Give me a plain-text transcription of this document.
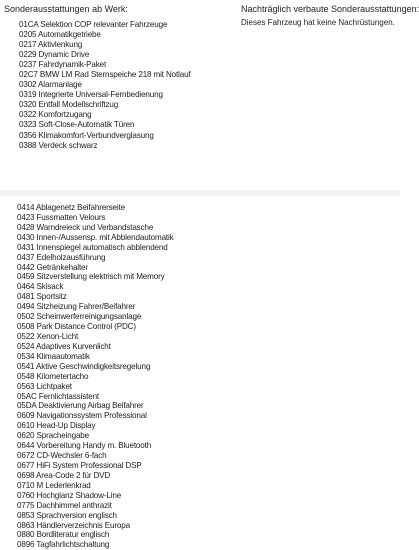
Sonderausstattungen ab Werk:	Nachträglich verbaute Sonderausstattungen:
Dieses Fahrzeug hat keine Nachrüstungen.
01CA Selektion COP relevanter Fahrzeuge
0205 Automatikgetriebe
0217 Aktivlenkung
0229 Dynamic Drive
0237 Fahrdynamik-Paket
02C7 BMW LM Rad Sternspeiche 218 mit Notlauf
0302 Alarmanlage
0319 Integrierte Universal-Fernbedienung
0320 Entfall Modellschriftzug
0322 Komfortzugang
0323 Soft-Close-Automatik Türen
0356 Klimakomfort-Verbundverglasung
0388 Verdeck schwarz
0414 Ablagenetz Beifahrerseite
0423 Fussmatten Velours
0428 Warndreieck und Verbandstasche
0430 Innen-/Aussensp. mit Abblendautomatik
0431 Innenspiegel automatisch abblendend
0437 Edelholzausführung
0442 Getränkehalter
0459 Sitzverstellung elektrisch mit Memory
0464 Skisack
0481 Sportsitz
0494 Sitzheizung Fahrer/Beifahrer
0502 Scheinwerferreinigungsanlage
0508 Park Distance Control (PDC)
0522 Xenon-Licht
0524 Adaptives Kurvenlicht
0534 Klimaautomatik
0541 Aktive Geschwindigkeitsregelung
0548 Kilometertacho
0563 Lichtpaket
05AC Fernlichtassistent
05DA Deaktivierung Airbag Beifahrer
0609 Navigationssystem Professional
0610 Head-Up Display
0620 Spracheingabe
0644 Vorbereitung Handy m. Bluetooth
0672 CD-Wechsler 6-fach
0677 HiFi System Professional DSP
0698 Area-Code 2 für DVD
0710 M Lederlenkrad
0760 Hochglanz Shadow-Line
0775 Dachhimmel anthrazit
0853 Sprachversion englisch
0863 Händlerverzeichnis Europa
0880 Bordliteratur englisch
0896 Tagfahrlichtschaltung
